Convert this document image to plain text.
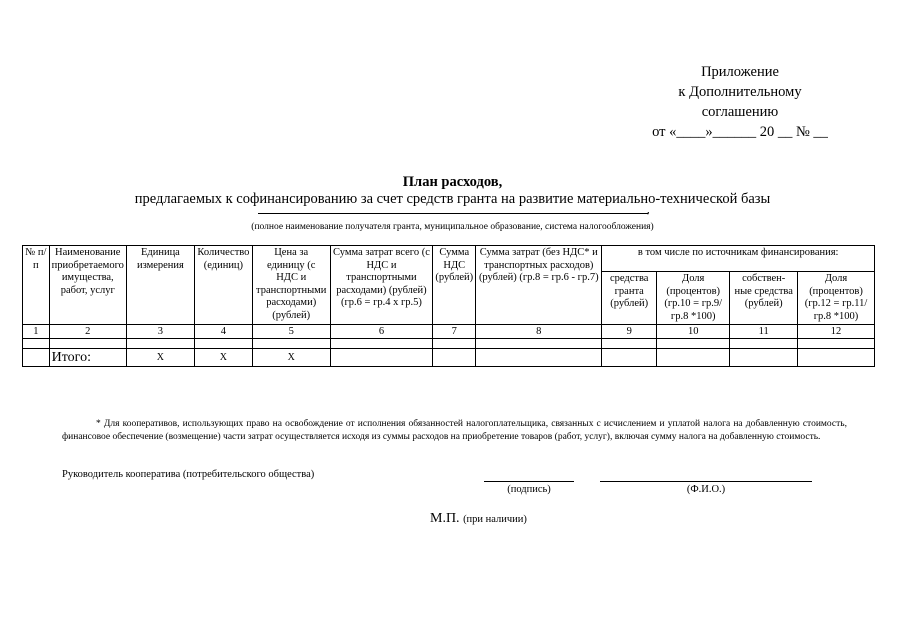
Приложение
к Дополнительному
соглашению
от «____»______ 20 __ № __
План расходов,
предлагаемых к софинансированию за счет средств гранта на развитие материально-технической базы
,
(полное наименование получателя гранта, муниципальное образование, система налогообложения)
№ п/п	Наименование приобретаемого имущества, работ, услуг	Единица измерения	Количество (единиц)	Цена за единицу (с НДС и транспортными расходами) (рублей)	Сумма затрат всего (с НДС и транспортными расходами) (рублей) (гр.6 = гр.4 х гр.5)	Сумма НДС (рублей)	Сумма затрат (без НДС* и транспортных расходов) (рублей) (гр.8 = гр.6 - гр.7)	в том числе по источникам финансирования:			
								средства гранта (рублей)	Доля (процентов) (гр.10 = гр.9/ гр.8 *100)	собствен- ные средства (рублей)	Доля (процентов) (гр.12 = гр.11/гр.8 *100)
1	2	3	4	5	6	7	8	9	10	11	12

	Итого:	Х	Х	Х							
* Для кооперативов, использующих право на освобождение от исполнения обязанностей налогоплательщика, связанных с исчислением и уплатой налога на добавленную стоимость, финансовое обеспечение (возмещение) части затрат осуществляется исходя из суммы расходов на приобретение товаров (работ, услуг), включая сумму налога на добавленную стоимость.
Руководитель кооператива (потребительского общества)
(подпись)	(Ф.И.О.)
М.П. (при наличии)
